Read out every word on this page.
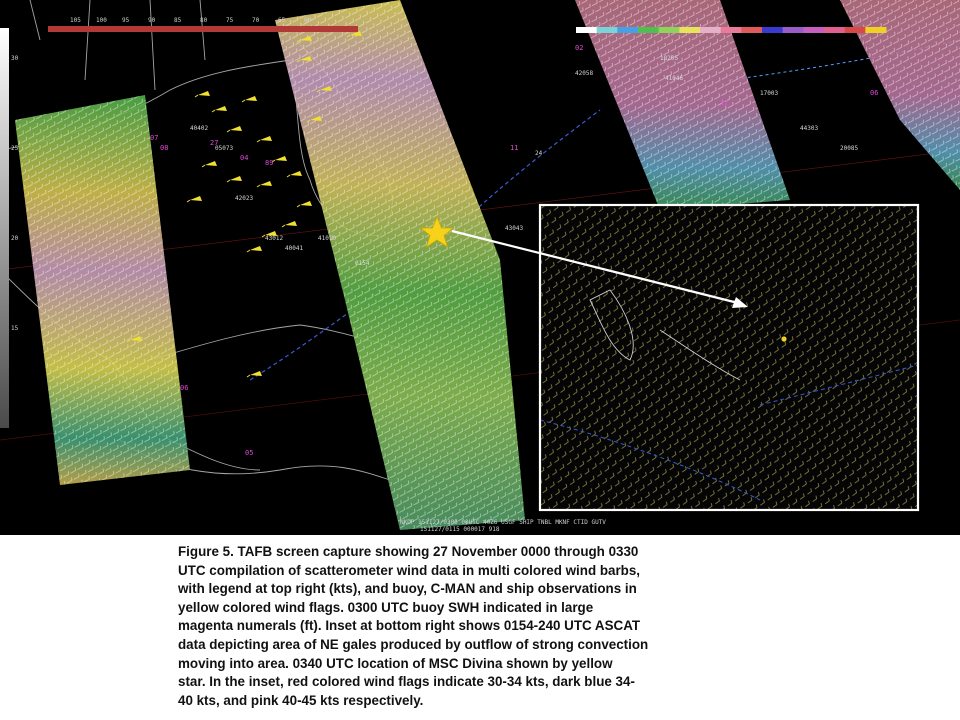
105	100	95	90	85	80	75	70	65	60
30
25
20
15
40402
05073
42023
41010
43012
40041
0154
24
43043
42058
41046
44303
20085
17003
18205
27
04
89
06
05
07
08	11
02
12
06
NKDP 151127/0300 00UTC 40Z6 USGF SHIP TNBL MKNF CTID GUTV
151127/0115 000017 918

Figure 5. TAFB screen capture showing 27 November 0000 through 0330
UTC compilation of scatterometer wind data in multi colored wind barbs,
with legend at top right (kts), and buoy, C-MAN and ship observations in
yellow colored wind flags. 0300 UTC buoy SWH indicated in large
magenta numerals (ft). Inset at bottom right shows 0154-240 UTC ASCAT
data depicting area of NE gales produced by outflow of strong convection
moving into area. 0340 UTC location of MSC Divina shown by yellow
star. In the inset, red colored wind flags indicate 30-34 kts, dark blue 34-
40 kts, and pink 40-45 kts respectively.
